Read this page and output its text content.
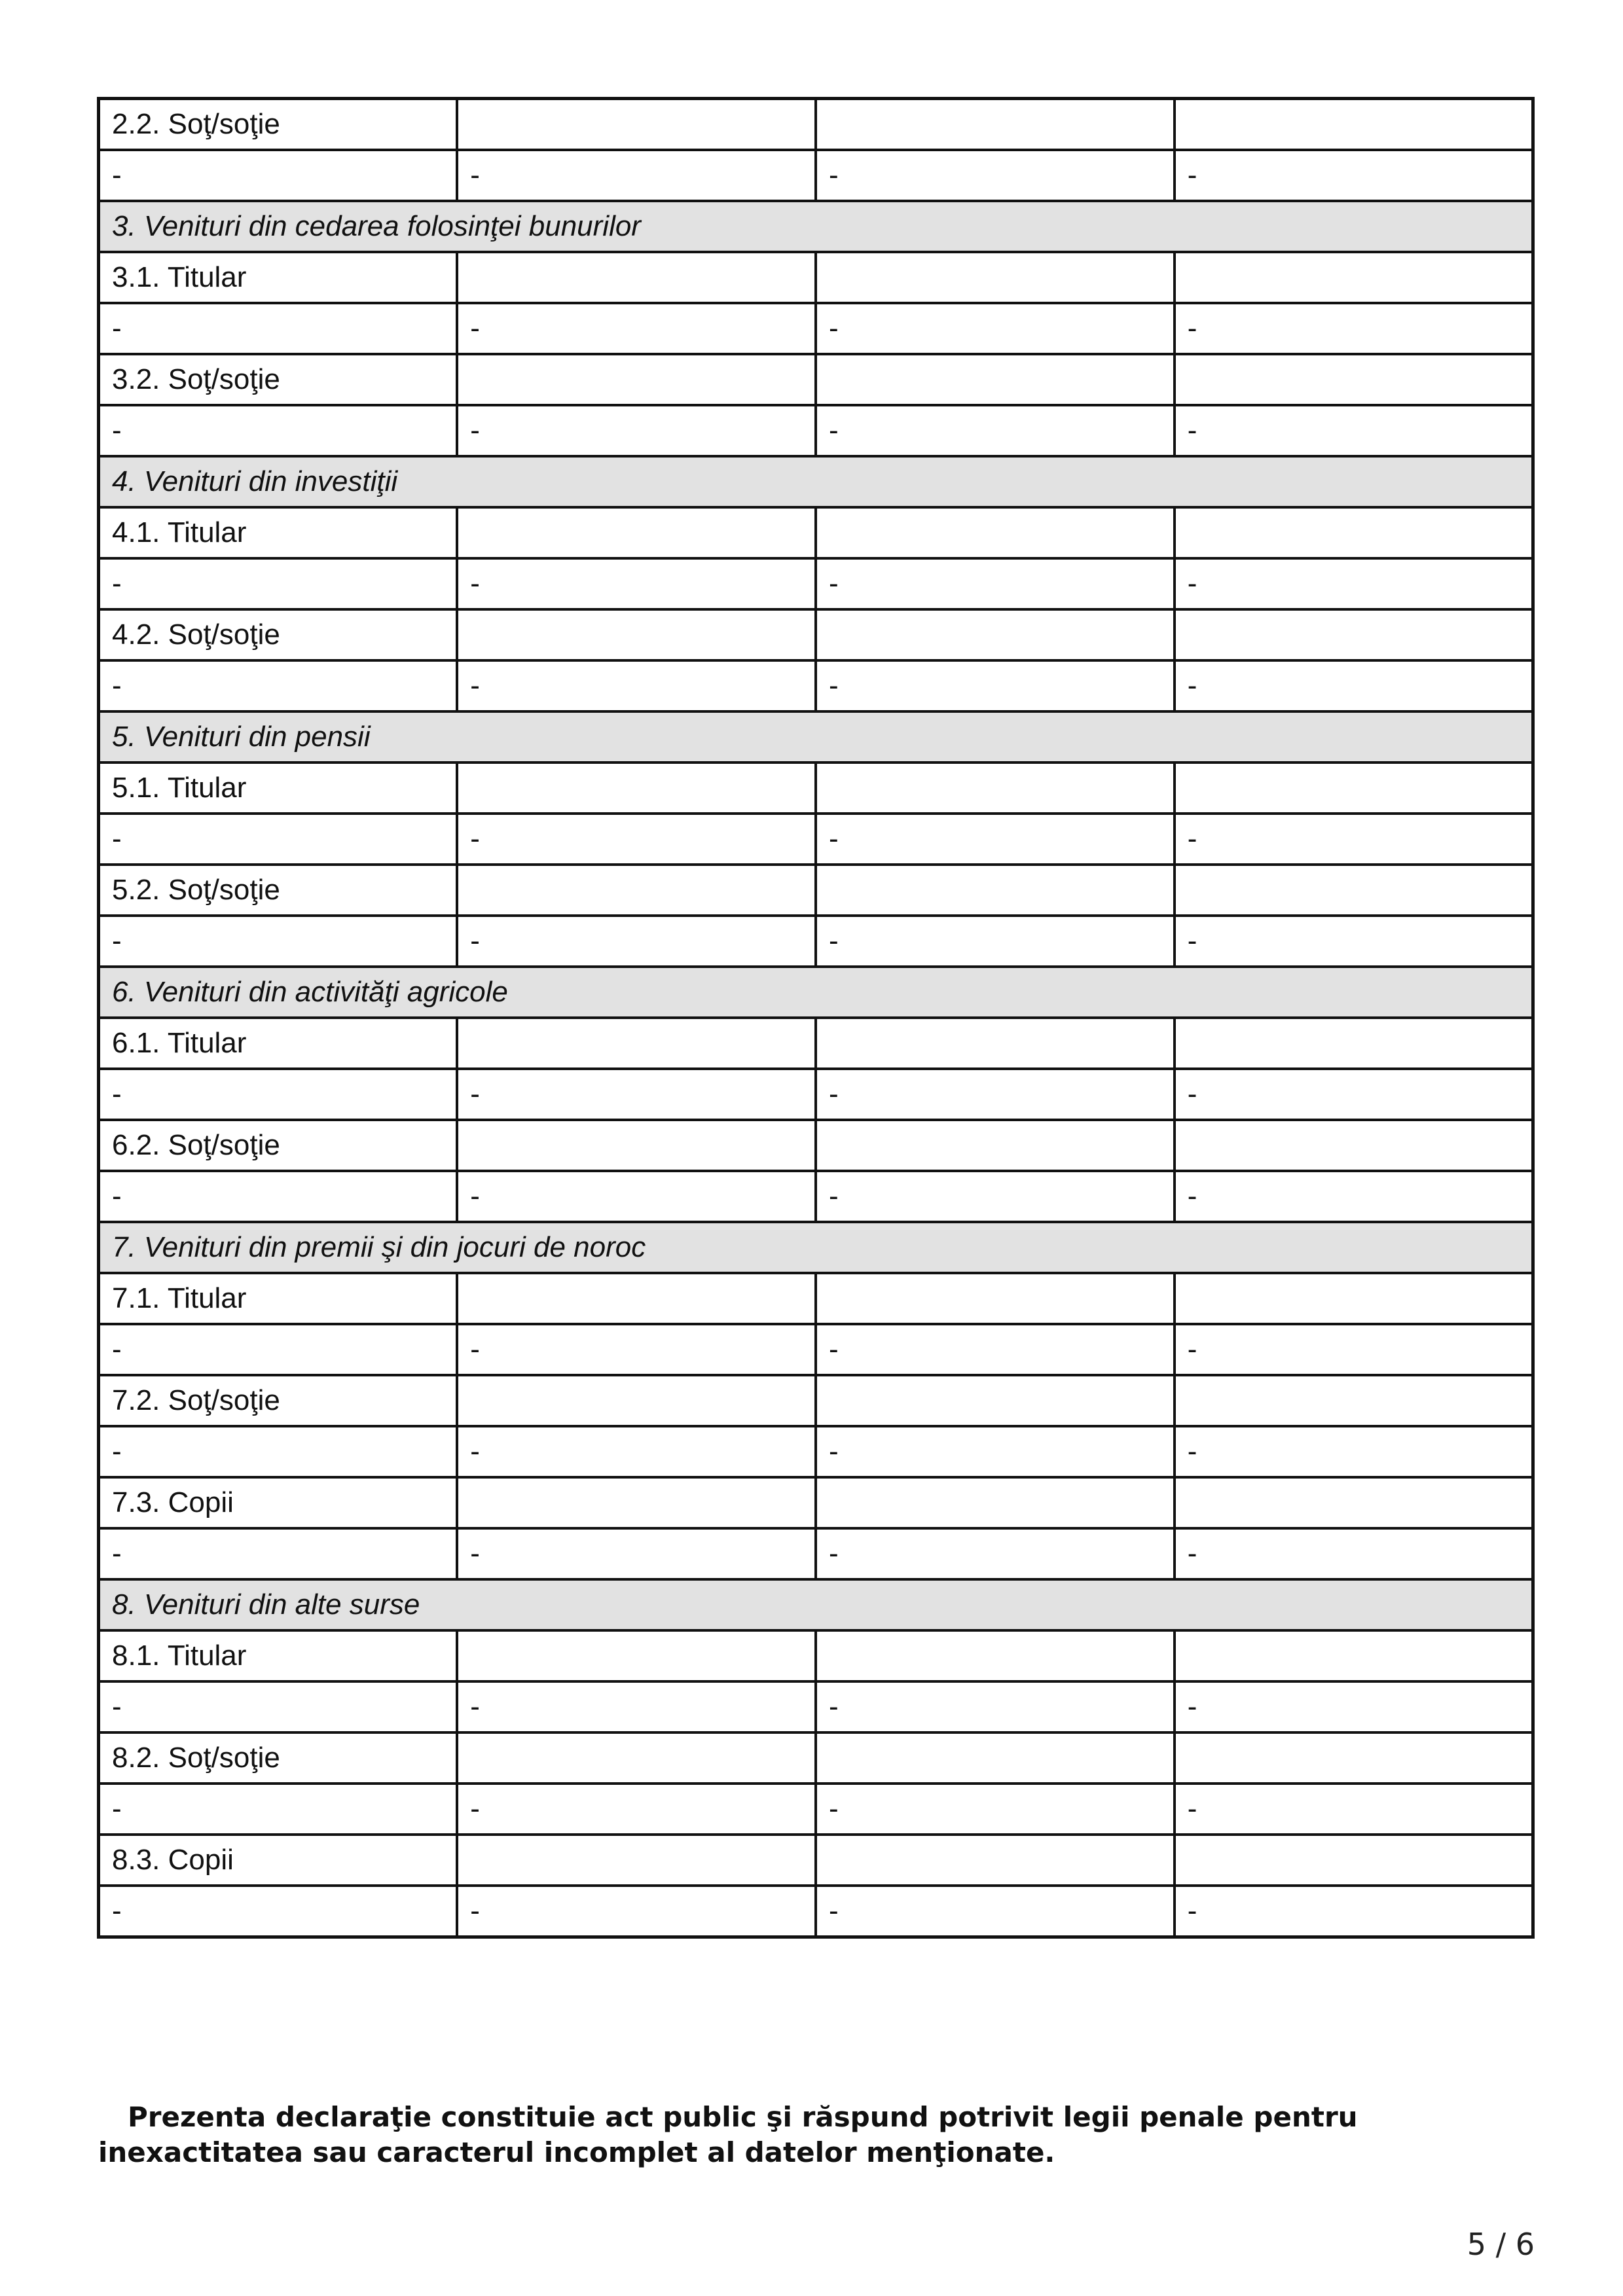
2.2. Soţ/soţie			
-	-	-	-
3. Venituri din cedarea folosinţei bunurilor			
3.1. Titular			
-	-	-	-
3.2. Soţ/soţie			
-	-	-	-
4. Venituri din investiţii			
4.1. Titular			
-	-	-	-
4.2. Soţ/soţie			
-	-	-	-
5. Venituri din pensii			
5.1. Titular			
-	-	-	-
5.2. Soţ/soţie			
-	-	-	-
6. Venituri din activităţi agricole			
6.1. Titular			
-	-	-	-
6.2. Soţ/soţie			
-	-	-	-
7. Venituri din premii şi din jocuri de noroc			
7.1. Titular			
-	-	-	-
7.2. Soţ/soţie			
-	-	-	-
7.3. Copii			
-	-	-	-
8. Venituri din alte surse			
8.1. Titular			
-	-	-	-
8.2. Soţ/soţie			
-	-	-	-
8.3. Copii			
-	-	-	-

Prezenta declaraţie constituie act public şi răspund potrivit legii penale pentru inexactitatea sau caracterul incomplet al datelor menţionate.

5 / 6
